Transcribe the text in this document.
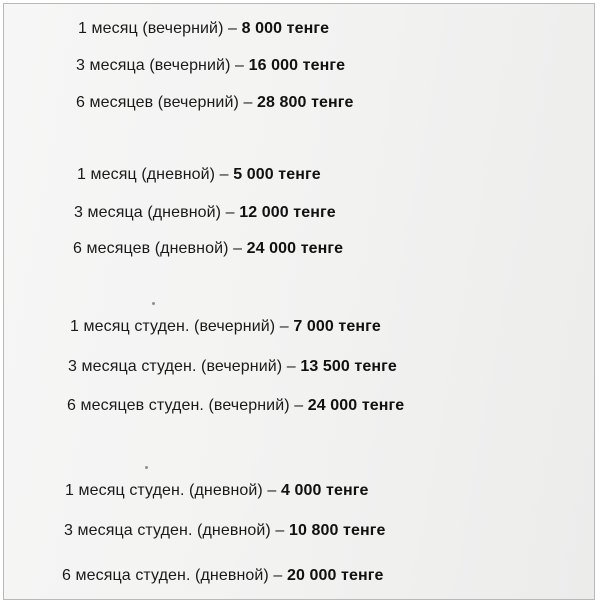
1 месяц (вечерний) – 8 000 тенге
3 месяца (вечерний) – 16 000 тенге
6 месяцев (вечерний) – 28 800 тенге
1 месяц (дневной) – 5 000 тенге
3 месяца (дневной) – 12 000 тенге
6 месяцев (дневной) – 24 000 тенге
1 месяц студен. (вечерний) – 7 000 тенге
3 месяца студен. (вечерний) – 13 500 тенге
6 месяцев студен. (вечерний) – 24 000 тенге
1 месяц студен. (дневной) – 4 000 тенге
3 месяца студен. (дневной) – 10 800 тенге
6 месяца студен. (дневной) – 20 000 тенге
